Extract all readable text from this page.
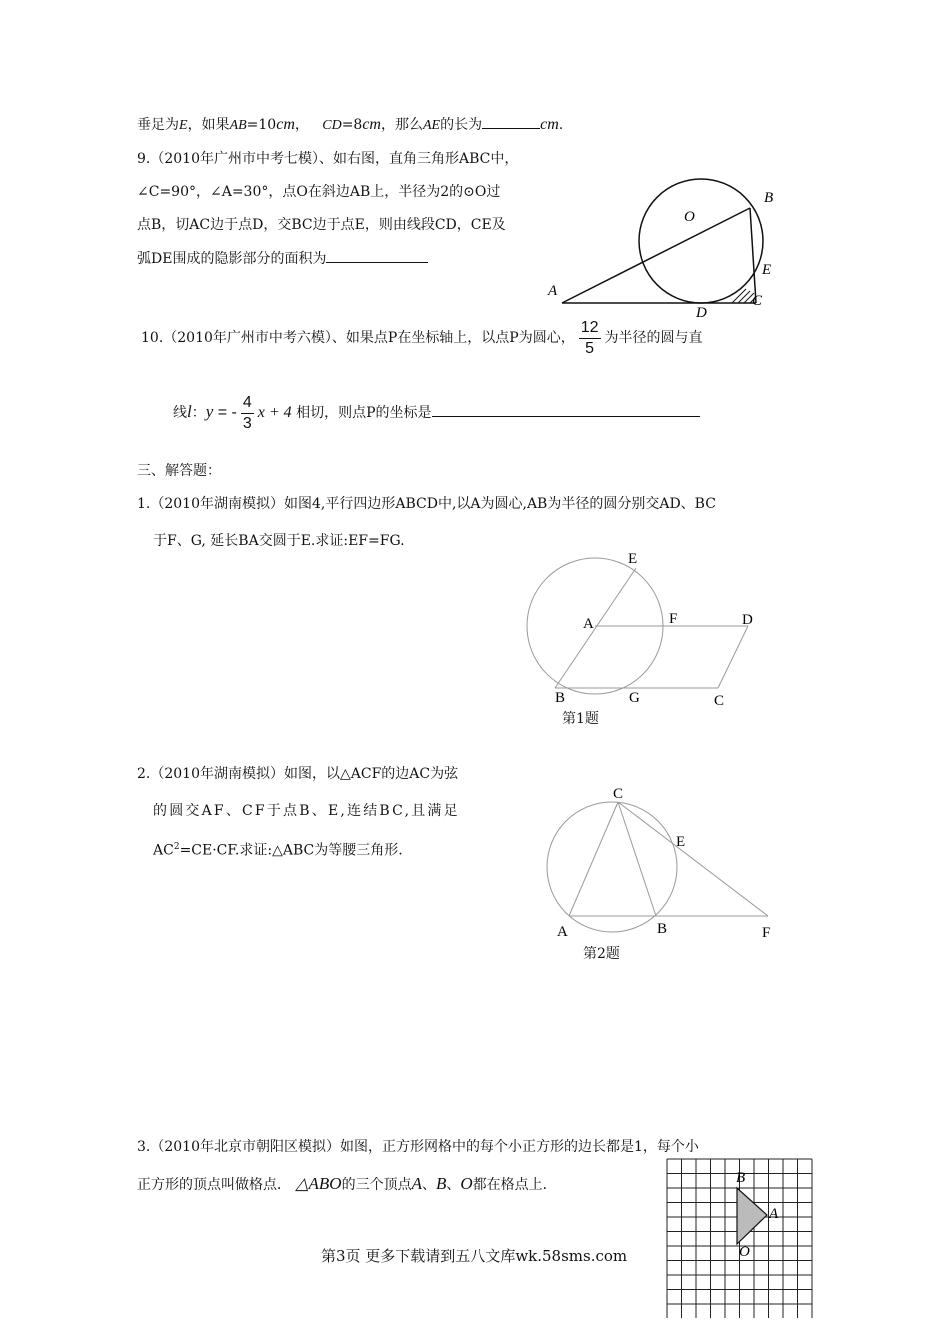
垂足为E，如果AB=10cm， CD=8cm，那么AE的长为	cm.
9.（2010年广州市中考七模）、如右图，直角三角形ABC中，
∠C=90°，∠A=30°，点O在斜边AB上，半径为2的⊙O过
点B，切AC边于点D，交BC边于点E，则由线段CD，CE及
弧DE围成的隐影部分的面积为
O
B
E
A
D
C
10.（2010年广州市中考六模）、如果点P在坐标轴上，以点P为圆心， $\frac{12}{5}$ 为半径的圆与直
线l：y = - $\frac{4}{3}$ x + 4 相切，则点P的坐标是
三、解答题：
1.（2010年湖南模拟）如图4,平行四边形ABCD中,以A为圆心,AB为半径的圆分别交AD、BC
于F、G, 延长BA交圆于E.求证:EF=FG.
E
A	F	D
B	G	C
第1题
2.（2010年湖南模拟）如图，以△ACF的边AC为弦
的圆交AF、CF于点B、E,连结BC,且满足
$AC^2=CE\cdot CF$.求证:△ABC为等腰三角形.
C
E
A	B	F
第2题
3.（2010年北京市朝阳区模拟）如图，正方形网格中的每个小正方形的边长都是1，每个小
正方形的顶点叫做格点． △ABO的三个顶点A、B、O都在格点上．	B
A
O
第3页 更多下载请到五八文库wk.58sms.com
